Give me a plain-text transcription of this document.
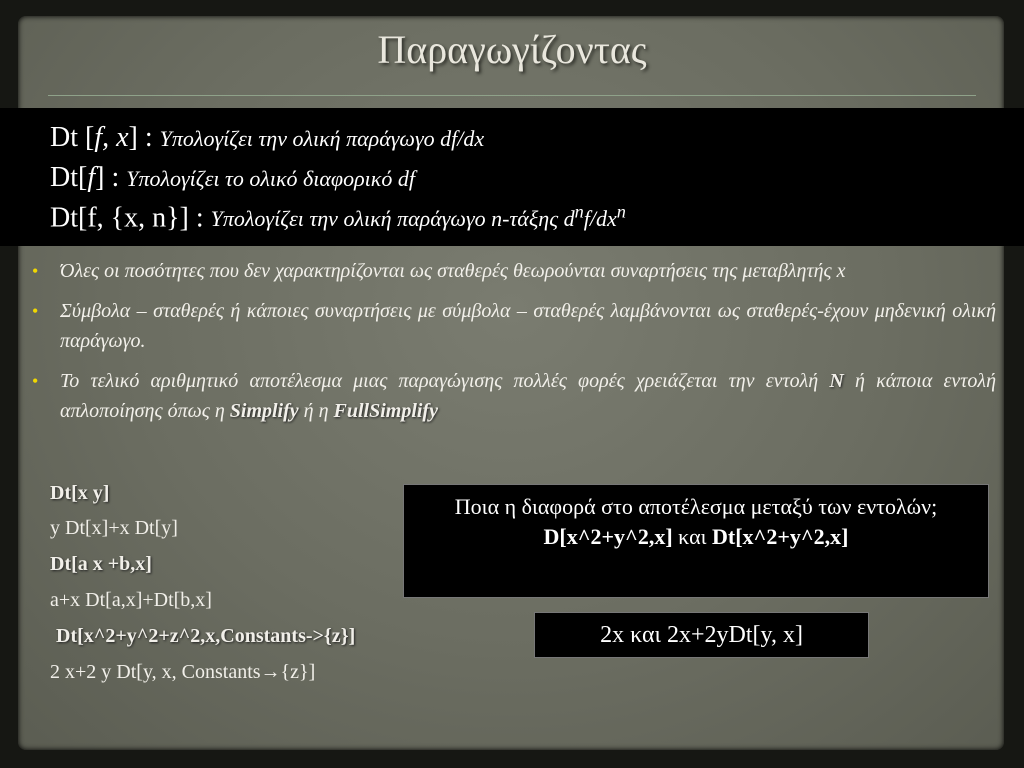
Παραγωγίζοντας
Dt [f, x] : Υπολογίζει την ολική παράγωγο df/dx
Dt[f] : Υπολογίζει το ολικό διαφορικό df
Dt[f, {x, n}] : Υπολογίζει την ολική παράγωγο n-τάξης $d^nf/dx^n$
• Όλες οι ποσότητες που δεν χαρακτηρίζονται ως σταθερές θεωρούνται συναρτήσεις της μεταβλητής x
• Σύμβολα – σταθερές ή κάποιες συναρτήσεις με σύμβολα – σταθερές λαμβάνονται ως σταθερές-έχουν μηδενική ολική παράγωγο.
• Το τελικό αριθμητικό αποτέλεσμα μιας παραγώγισης πολλές φορές χρειάζεται την εντολή N ή κάποια εντολή απλοποίησης όπως η Simplify ή η FullSimplify
Dt[x y]
y Dt[x]+x Dt[y]
Dt[a x +b,x]
a+x Dt[a,x]+Dt[b,x]
Dt[x^2+y^2+z^2,x,Constants->{z}]
2 x+2 y Dt[y, x, Constants→{z}]
Ποια η διαφορά στο αποτέλεσμα μεταξύ των εντολών;
D[x^2+y^2,x] και Dt[x^2+y^2,x]
2x και 2x+2yDt[y, x]
